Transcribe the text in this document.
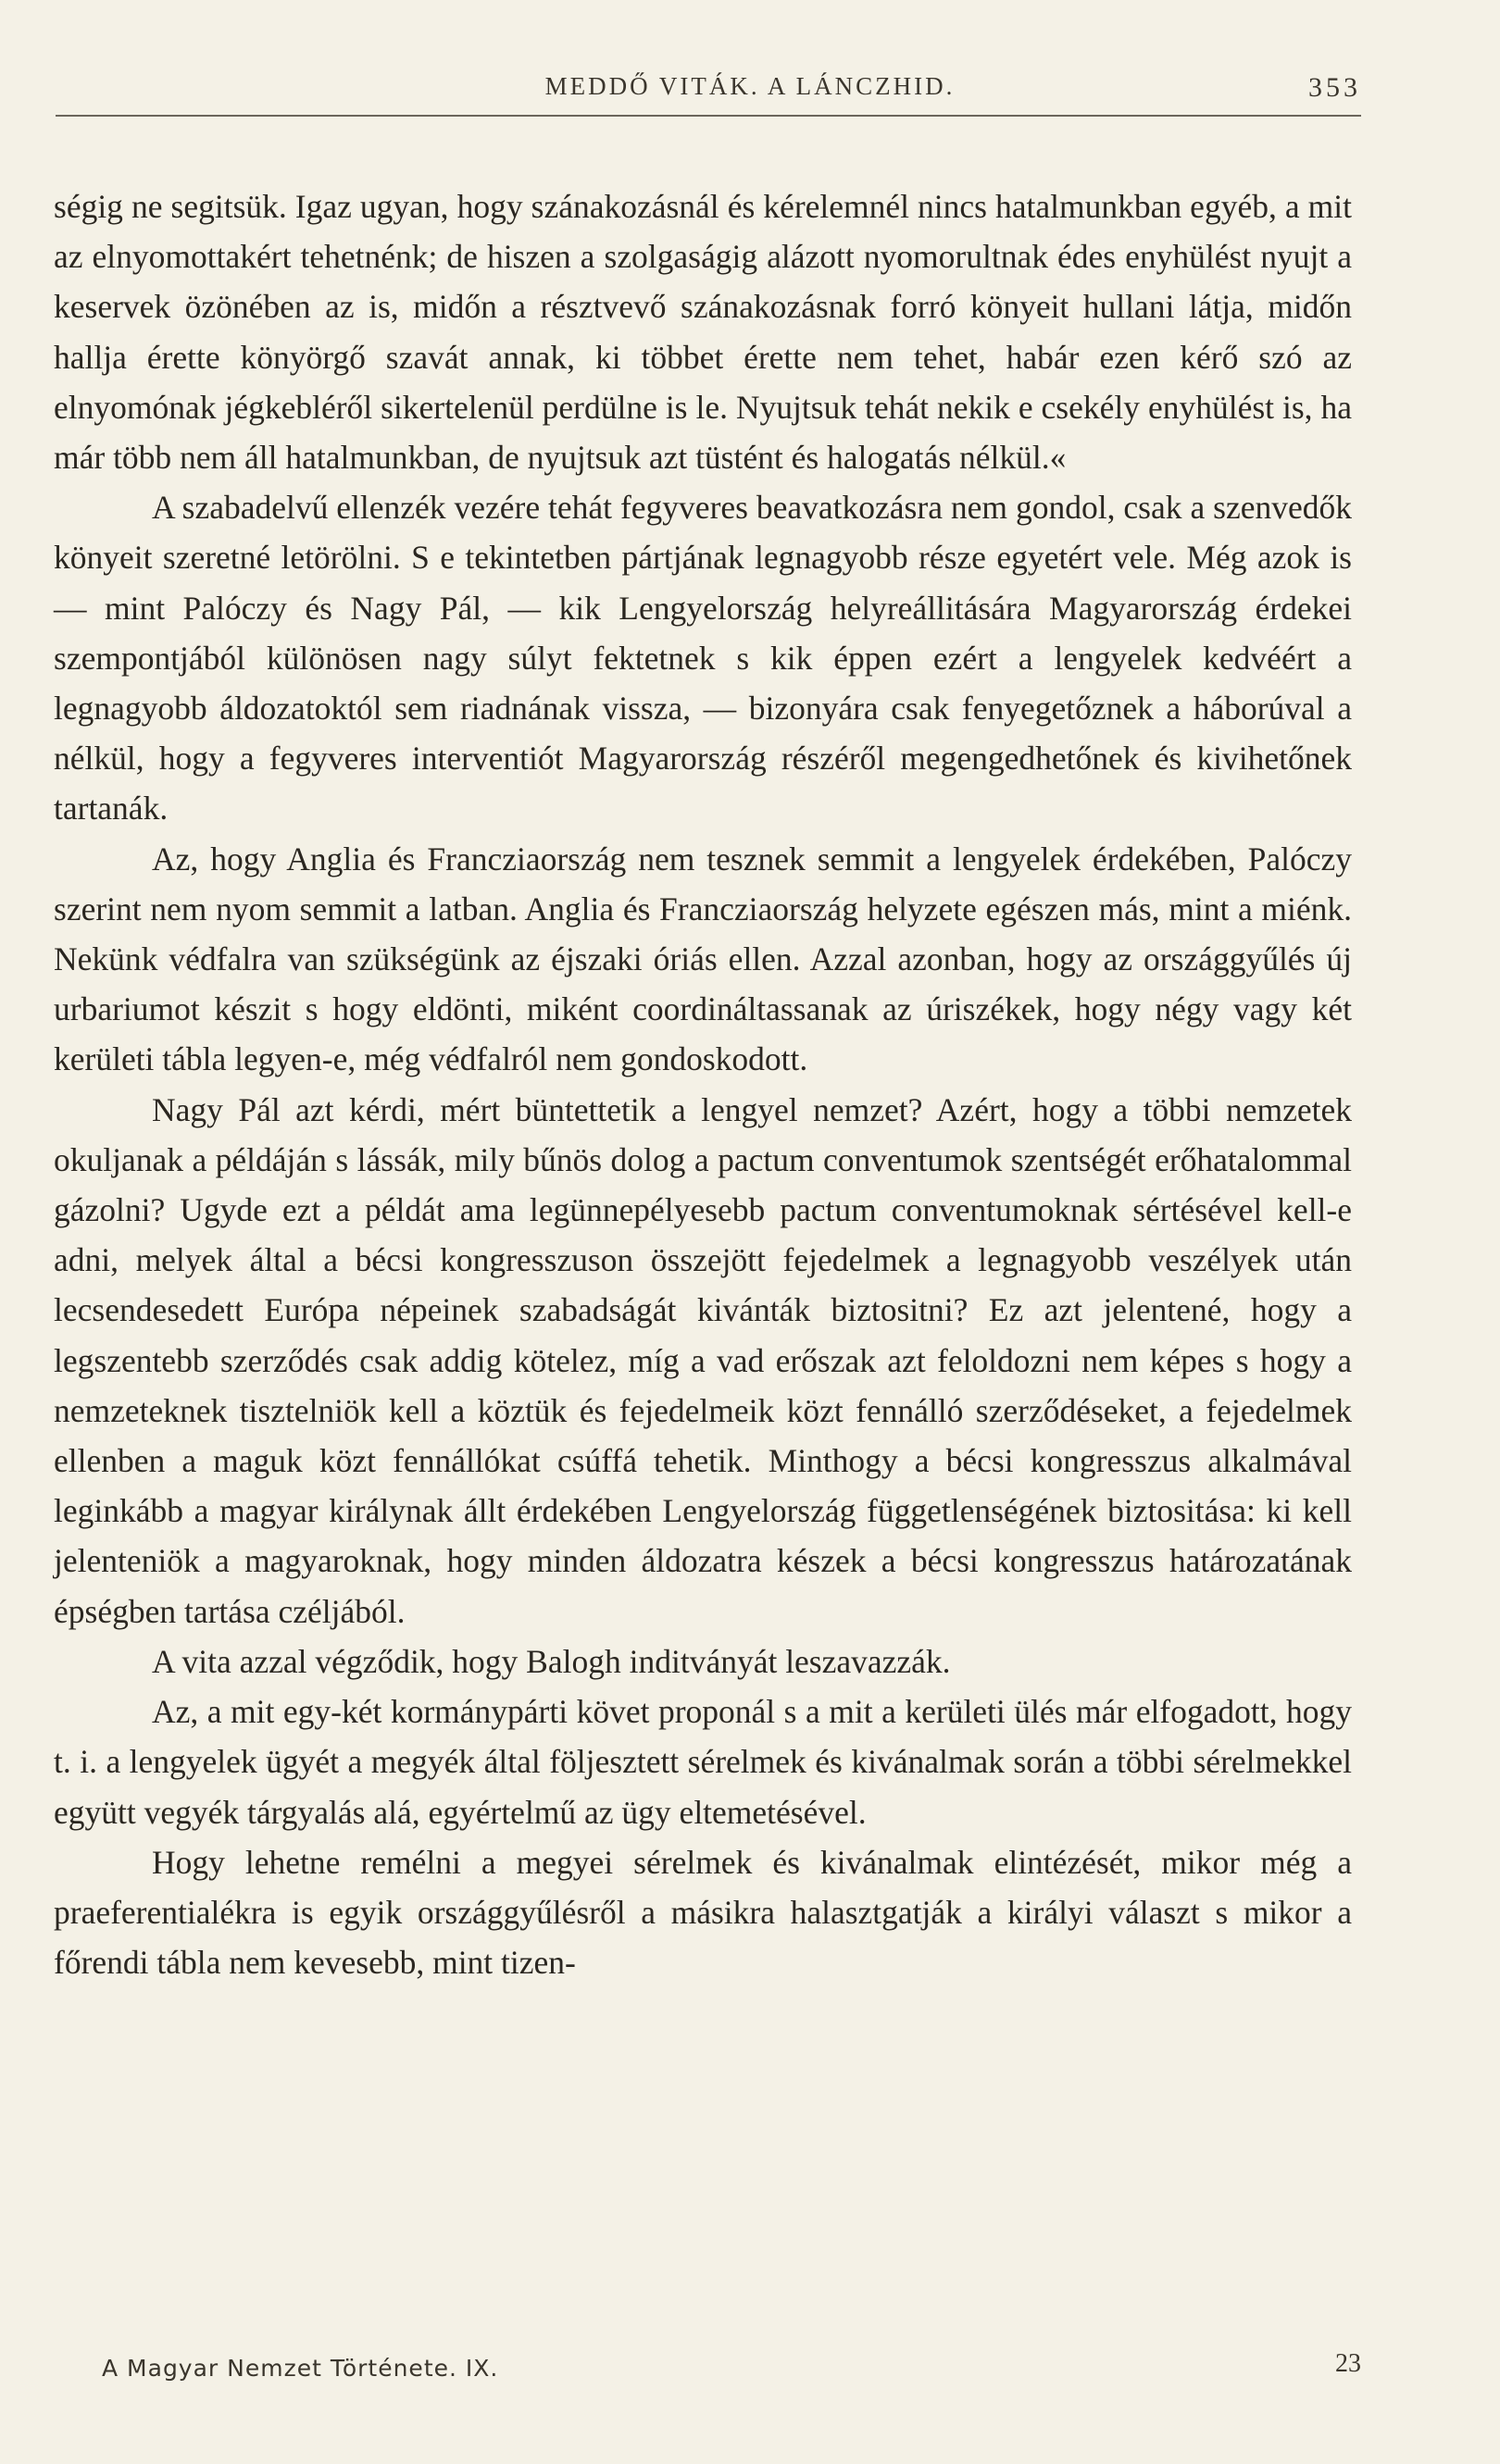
MEDDŐ VITÁK. A LÁNCZHID.	353

ségig ne segitsük. Igaz ugyan, hogy szánakozásnál és kérelemnél nincs hatalmunkban egyéb, a mit az elnyomottakért tehetnénk; de hiszen a szolgaságig alázott nyomorultnak édes enyhülést nyujt a keservek özönében az is, midőn a résztvevő szánakozásnak forró könyeit hullani látja, midőn hallja érette könyörgő szavát annak, ki többet érette nem tehet, habár ezen kérő szó az elnyomónak jégkebléről sikertelenül perdülne is le. Nyujtsuk tehát nekik e csekély enyhülést is, ha már több nem áll hatalmunkban, de nyujtsuk azt tüstént és halogatás nélkül.«

A szabadelvű ellenzék vezére tehát fegyveres beavatkozásra nem gondol, csak a szenvedők könyeit szeretné letörölni. S e tekintetben pártjának legnagyobb része egyetért vele. Még azok is — mint Palóczy és Nagy Pál, — kik Lengyelország helyreállitására Magyarország érdekei szempontjából különösen nagy súlyt fektetnek s kik éppen ezért a lengyelek kedvéért a legnagyobb áldozatoktól sem riadnának vissza, — bizonyára csak fenyegetőznek a háborúval a nélkül, hogy a fegyveres interventiót Magyarország részéről megengedhetőnek és kivihetőnek tartanák.

Az, hogy Anglia és Francziaország nem tesznek semmit a lengyelek érdekében, Palóczy szerint nem nyom semmit a latban. Anglia és Francziaország helyzete egészen más, mint a miénk. Nekünk védfalra van szükségünk az éjszaki óriás ellen. Azzal azonban, hogy az országgyűlés új urbariumot készit s hogy eldönti, miként coordináltassanak az úriszékek, hogy négy vagy két kerületi tábla legyen-e, még védfalról nem gondoskodott.

Nagy Pál azt kérdi, mért büntettetik a lengyel nemzet? Azért, hogy a többi nemzetek okuljanak a példáján s lássák, mily bűnös dolog a pactum conventumok szentségét erőhatalommal gázolni? Ugyde ezt a példát ama legünnepélyesebb pactum conventumoknak sértésével kell-e adni, melyek által a bécsi kongresszuson összejött fejedelmek a legnagyobb veszélyek után lecsendesedett Európa népeinek szabadságát kivánták biztositni? Ez azt jelentené, hogy a legszentebb szerződés csak addig kötelez, míg a vad erőszak azt feloldozni nem képes s hogy a nemzeteknek tisztelniök kell a köztük és fejedelmeik közt fennálló szerződéseket, a fejedelmek ellenben a maguk közt fennállókat csúffá tehetik. Minthogy a bécsi kongresszus alkalmával leginkább a magyar királynak állt érdekében Lengyelország függetlenségének biztositása: ki kell jelenteniök a magyaroknak, hogy minden áldozatra készek a bécsi kongresszus határozatának épségben tartása czéljából.

A vita azzal végződik, hogy Balogh inditványát leszavazzák.

Az, a mit egy-két kormánypárti követ proponál s a mit a kerületi ülés már elfogadott, hogy t. i. a lengyelek ügyét a megyék által följesztett sérelmek és kivánalmak során a többi sérelmekkel együtt vegyék tárgyalás alá, egyértelmű az ügy eltemetésével.

Hogy lehetne remélni a megyei sérelmek és kivánalmak elintézését, mikor még a praeferentialékra is egyik országgyűlésről a másikra halasztgatják a királyi választ s mikor a főrendi tábla nem kevesebb, mint tizen-

A Magyar Nemzet Története. IX.	23
